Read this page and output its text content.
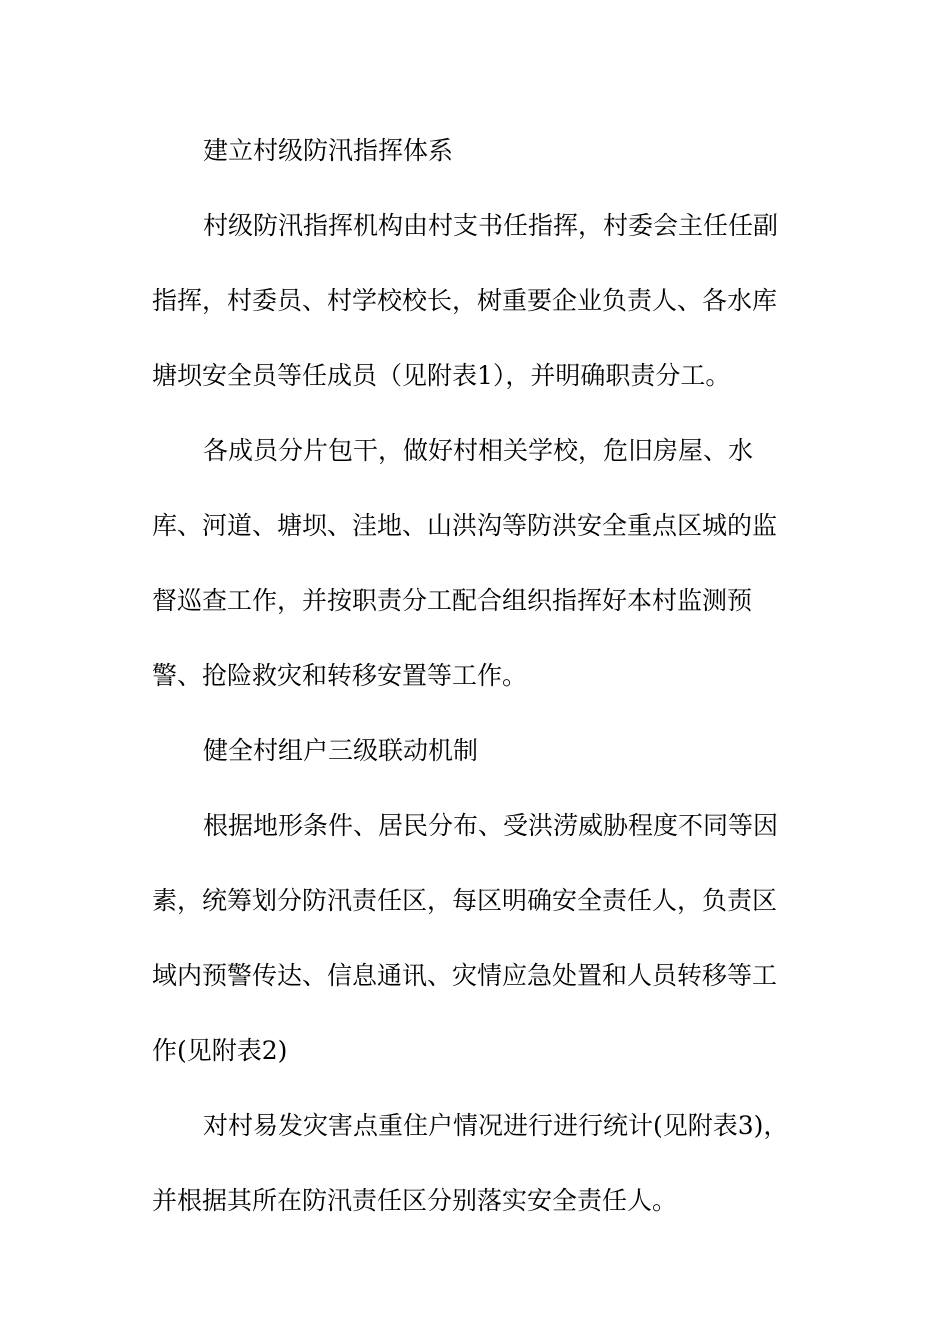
建立村级防汛指挥体系
村级防汛指挥机构由村支书任指挥，村委会主任任副
指挥，村委员、村学校校长，树重要企业负责人、各水库
塘坝安全员等任成员（见附表1），并明确职责分工。
各成员分片包干，做好村相关学校，危旧房屋、水
库、河道、塘坝、洼地、山洪沟等防洪安全重点区城的监
督巡查工作，并按职责分工配合组织指挥好本村监测预
警、抢险救灾和转移安置等工作。
健全村组户三级联动机制
根据地形条件、居民分布、受洪涝威胁程度不同等因
素，统筹划分防汛责任区，每区明确安全责任人，负责区
域内预警传达、信息通讯、灾情应急处置和人员转移等工
作(见附表2)
对村易发灾害点重住户情况进行进行统计(见附表3)，
并根据其所在防汛责任区分别落实安全责任人。
